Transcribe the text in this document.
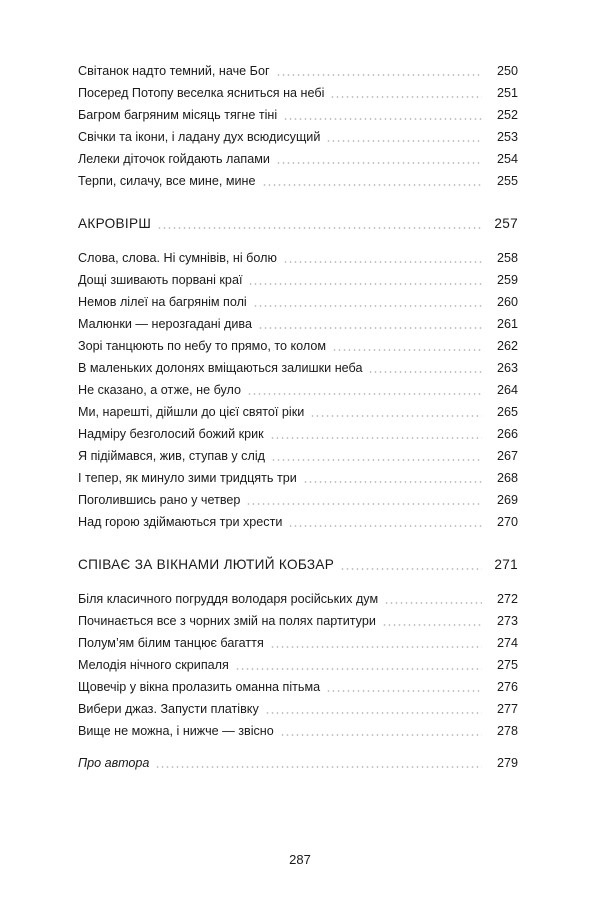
Світанок надто темний, наче Бог	250
Посеред Потопу веселка ясниться на небі	251
Багром багряним місяць тягне тіні	252
Свічки та ікони, і ладану дух всюдисущий	253
Лелеки діточок гойдають лапами	254
Терпи, силачу, все мине, мине	255
АКРОВІРШ	257
Слова, слова. Ні сумнівів, ні болю	258
Дощі зшивають порвані краї	259
Немов лілеї на багрянім полі	260
Малюнки — нерозгадані дива	261
Зорі танцюють по небу то прямо, то колом	262
В маленьких долонях вміщаються залишки неба	263
Не сказано, а отже, не було	264
Ми, нарешті, дійшли до цієї святої ріки	265
Надміру безголосий божий крик	266
Я підіймався, жив, ступав у слід	267
І тепер, як минуло зими тридцять три	268
Поголившись рано у четвер	269
Над горою здіймаються три хрести	270
СПІВАЄ ЗА ВІКНАМИ ЛЮТИЙ КОБЗАР	271
Біля класичного погруддя володаря російських дум	272
Починається все з чорних змій на полях партитури	273
Полум’ям білим танцює багаття	274
Мелодія нічного скрипаля	275
Щовечір у вікна пролазить оманна пітьма	276
Вибери джаз. Запусти платівку	277
Вище не можна, і нижче — звісно	278
Про автора	279
287
